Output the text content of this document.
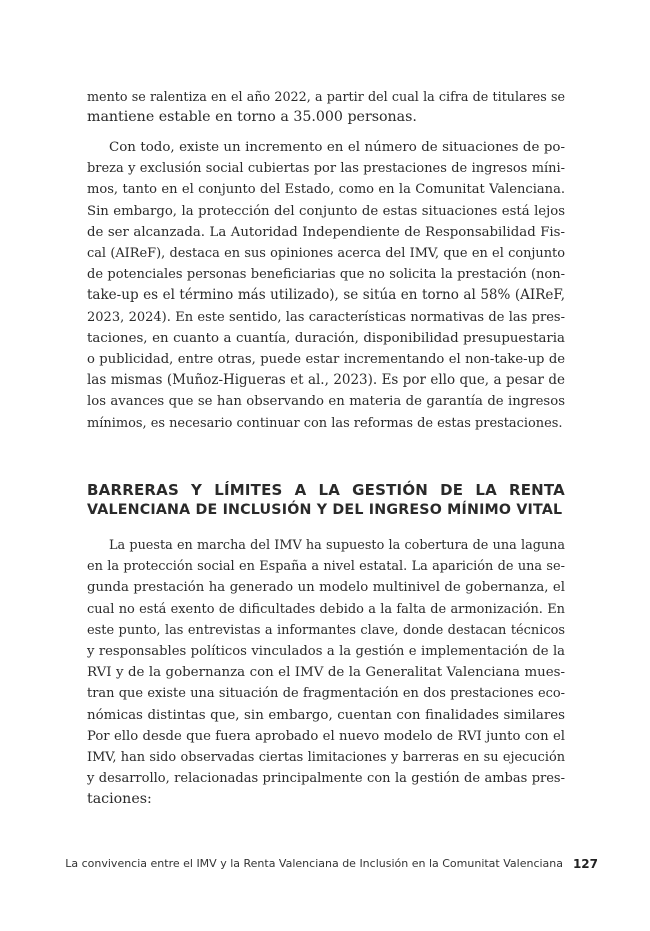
mento se ralentiza en el año 2022, a partir del cual la cifra de titulares se
mantiene estable en torno a 35.000 personas.

Con todo, existe un incremento en el número de situaciones de po-
breza y exclusión social cubiertas por las prestaciones de ingresos míni-
mos, tanto en el conjunto del Estado, como en la Comunitat Valenciana.
Sin embargo, la protección del conjunto de estas situaciones está lejos
de ser alcanzada. La Autoridad Independiente de Responsabilidad Fis-
cal (AIReF), destaca en sus opiniones acerca del IMV, que en el conjunto
de potenciales personas beneficiarias que no solicita la prestación (non-
take-up es el término más utilizado), se sitúa en torno al 58% (AIReF,
2023, 2024). En este sentido, las características normativas de las pres-
taciones, en cuanto a cuantía, duración, disponibilidad presupuestaria
o publicidad, entre otras, puede estar incrementando el non-take-up de
las mismas (Muñoz-Higueras et al., 2023). Es por ello que, a pesar de
los avances que se han observando en materia de garantía de ingresos
mínimos, es necesario continuar con las reformas de estas prestaciones.

BARRERAS Y LÍMITES A LA GESTIÓN DE LA RENTA
VALENCIANA DE INCLUSIÓN Y DEL INGRESO MÍNIMO VITAL

La puesta en marcha del IMV ha supuesto la cobertura de una laguna
en la protección social en España a nivel estatal. La aparición de una se-
gunda prestación ha generado un modelo multinivel de gobernanza, el
cual no está exento de dificultades debido a la falta de armonización. En
este punto, las entrevistas a informantes clave, donde destacan técnicos
y responsables políticos vinculados a la gestión e implementación de la
RVI y de la gobernanza con el IMV de la Generalitat Valenciana mues-
tran que existe una situación de fragmentación en dos prestaciones eco-
nómicas distintas que, sin embargo, cuentan con finalidades similares
Por ello desde que fuera aprobado el nuevo modelo de RVI junto con el
IMV, han sido observadas ciertas limitaciones y barreras en su ejecución
y desarrollo, relacionadas principalmente con la gestión de ambas pres-
taciones:

La convivencia entre el IMV y la Renta Valenciana de Inclusión en la Comunitat Valenciana 127
